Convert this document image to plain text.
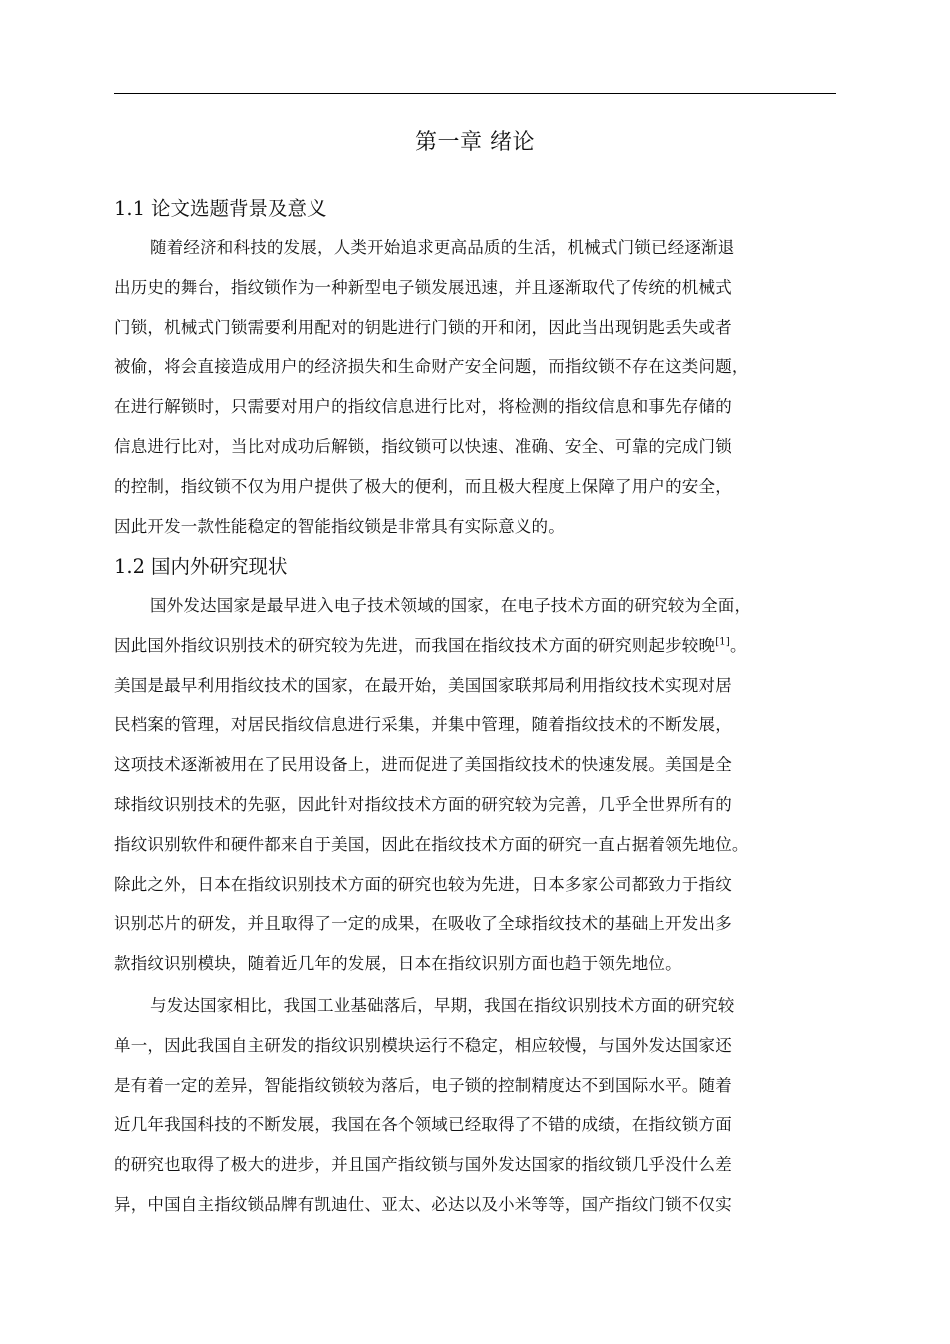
第一章 绪论
1.1 论文选题背景及意义
随着经济和科技的发展，人类开始追求更高品质的生活，机械式门锁已经逐渐退
出历史的舞台，指纹锁作为一种新型电子锁发展迅速，并且逐渐取代了传统的机械式
门锁，机械式门锁需要利用配对的钥匙进行门锁的开和闭，因此当出现钥匙丢失或者
被偷，将会直接造成用户的经济损失和生命财产安全问题，而指纹锁不存在这类问题，
在进行解锁时，只需要对用户的指纹信息进行比对，将检测的指纹信息和事先存储的
信息进行比对，当比对成功后解锁，指纹锁可以快速、准确、安全、可靠的完成门锁
的控制，指纹锁不仅为用户提供了极大的便利，而且极大程度上保障了用户的安全，
因此开发一款性能稳定的智能指纹锁是非常具有实际意义的。
1.2 国内外研究现状
国外发达国家是最早进入电子技术领域的国家，在电子技术方面的研究较为全面，
因此国外指纹识别技术的研究较为先进，而我国在指纹技术方面的研究则起步较晚[1]。
美国是最早利用指纹技术的国家，在最开始，美国国家联邦局利用指纹技术实现对居
民档案的管理，对居民指纹信息进行采集，并集中管理，随着指纹技术的不断发展，
这项技术逐渐被用在了民用设备上，进而促进了美国指纹技术的快速发展。美国是全
球指纹识别技术的先驱，因此针对指纹技术方面的研究较为完善，几乎全世界所有的
指纹识别软件和硬件都来自于美国，因此在指纹技术方面的研究一直占据着领先地位。
除此之外，日本在指纹识别技术方面的研究也较为先进，日本多家公司都致力于指纹
识别芯片的研发，并且取得了一定的成果，在吸收了全球指纹技术的基础上开发出多
款指纹识别模块，随着近几年的发展，日本在指纹识别方面也趋于领先地位。
与发达国家相比，我国工业基础落后，早期，我国在指纹识别技术方面的研究较
单一，因此我国自主研发的指纹识别模块运行不稳定，相应较慢，与国外发达国家还
是有着一定的差异，智能指纹锁较为落后，电子锁的控制精度达不到国际水平。随着
近几年我国科技的不断发展，我国在各个领域已经取得了不错的成绩，在指纹锁方面
的研究也取得了极大的进步，并且国产指纹锁与国外发达国家的指纹锁几乎没什么差
异，中国自主指纹锁品牌有凯迪仕、亚太、必达以及小米等等，国产指纹门锁不仅实
